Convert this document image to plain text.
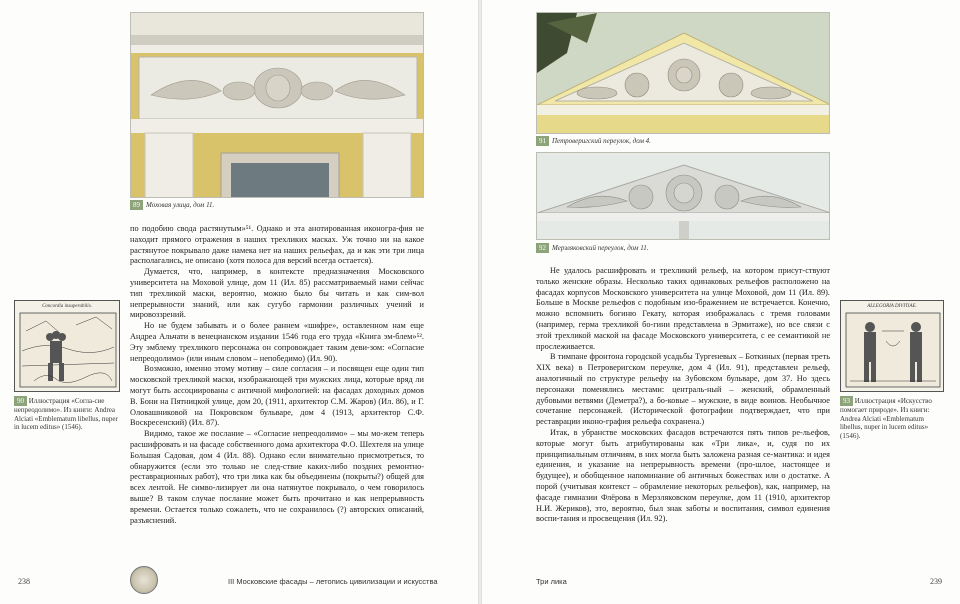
89 Моховая улица, дом 11.

по подобию свода растянутым»⁵¹. Однако и эта анотированная иконогра-фия не находит прямого отражения в наших трехликих масках. Уж точно ни на какое растянутое покрывало даже намека нет на наших рельефах, да и как эти три лица располагались, не описано (хотя полоса для версий всегда остается).

Думается, что, например, в контексте предназначения Московского университета на Моховой улице, дом 11 (Ил. 85) рассматриваемый нами сейчас тип трехликой маски, вероятно, можно было бы читать и как сим-вол непрерывности знаний, или как сугубо гармонии различных учений и мировоззрений.

Но не будем забывать и о более раннем «шифре», оставленном нам еще Андреа Альчати в венецианском издании 1546 года его труда «Книга эм-блем»⁵². Эту эмблему трехликого персонажа он сопровождает таким деви-зом: «Согласие непреодолимо» (или иным словом – непобедимо) (Ил. 90).

Возможно, именно этому мотиву – силе согласия – и посвящен еще один тип московской трехликой маски, изображающей три мужских лица, которые вряд ли могут быть ассоциированы с античной мифологией: на фасадах доходных домов В. Бони на Пятницкой улице, дом 20, (1911, архитектор С.М. Жаров) (Ил. 86), и Г. Оловашниковой на Покровском бульваре, дом 4 (1913, архитектор С.Ф. Воскресенский) (Ил. 87).

Видимо, такое же послание – «Согласие непреодолимо» – мы мо-жем теперь расшифровать и на фасаде собственного дома архитектора Ф.О. Шехтеля на улице Большая Садовая, дом 4 (Ил. 88). Однако если внимательно присмотреться, то обнаружится (если это только не след-ствие каких-либо поздних ремонтно-реставрационных работ), что три лика как бы объединены (покрыты?) общей для всех лентой. Не симво-лизирует ли она натянутое покрывало, о чем говорилось выше? В таком случае послание может быть прочитано и как непрерывность времени. Остается только сожалеть, что не сохранилось (?) авторских описаний, разъяснений.

Concordia insuperabilis.
90 Иллюстрация «Согла-сие непреодолимо». Из книги: Andrea Alciati «Emblematum libellus, nuper in lucem editus» (1546).
238	III Московские фасады – летопись цивилизации и искусства
91 Петроверигский переулок, дом 4.
92 Мерзляковский переулок, дом 11.

Не удалось расшифровать и трехликий рельеф, на котором присут-ствуют только женские образы. Несколько таких одинаковых рельефов расположено на фасадах корпусов Московского университета на улице Моховой, дом 11 (Ил. 89). Больше в Москве рельефов с подобным изо-бражением не встречается. Конечно, можно вспомнить богиню Гекату, которая изображалась с тремя головами (например, герма трехликой бо-гини представлена в Эрмитаже), но все связи с этой трехликой маской на фасаде Московского университета, с ее семантикой не прослеживается.

В тимпане фронтона городской усадьбы Тургеневых – Боткиных (первая треть XIX века) в Петроверигском переулке, дом 4 (Ил. 91), представлен рельеф, аналогичный по структуре рельефу на Зубовском бульваре, дом 37. Но здесь персонажи поменялись местами: централь-ный – женский, обрамленный дубовыми ветвями (Деметра?), а бо-ковые – мужские, в виде воинов. Необычное сочетание персонажей. (Исторической фотографии подтверждает, что при реставрации иконо-графия рельефа сохранена.)

Итак, в убранстве московских фасадов встречаются пять типов ре-льефов, которые могут быть атрибутированы как «Три лика», и, судя по их принципиальным отличиям, в них могла быть заложена разная се-мантика: и идея единения, и указание на непрерывность времени (про-шлое, настоящее и будущее), и обобщенное напоминание об античных божествах или о достатке. А порой (учитывая контекст – обрамление некоторых рельефов), как, например, на фасаде гимназии Флёрова в Мерзляковском переулке, дом 11 (1910, архитектор Н.И. Жериков), это, вероятно, был знак заботы и воспитания, символ единения воспи-тания и просвещения (Ил. 92).

ALLEGORIA DIVITIAE.
93 Иллюстрация «Искусство помогает природе». Из книги: Andrea Alciati «Emblematum libellus, nuper in lucem editus» (1546).
Три лика	239
